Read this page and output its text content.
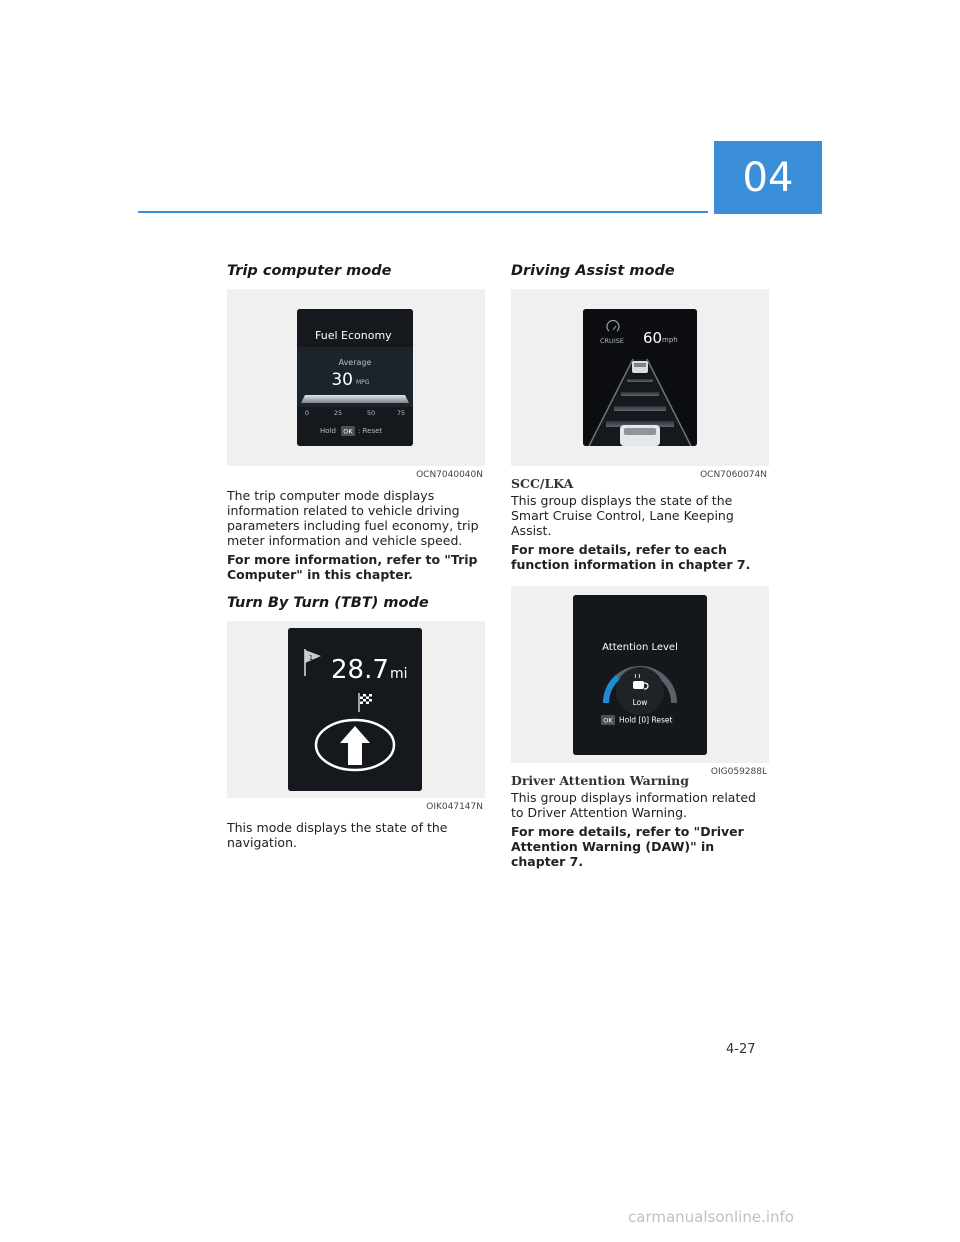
04
Trip computer mode
Fuel Economy
Average
30 MPG
0	25	50	75
Hold OK : Reset
OCN7040040N

The trip computer mode displays information related to vehicle driving parameters including fuel economy, trip meter information and vehicle speed.

For more information, refer to "Trip Computer" in this chapter.

Turn By Turn (TBT) mode
1 28.7 mi
OIK047147N

This mode displays the state of the navigation.

Driving Assist mode
CRUISE 60 mph
OCN7060074N
SCC/LKA

This group displays the state of the Smart Cruise Control, Lane Keeping Assist.

For more details, refer to each function information in chapter 7.

Attention Level
Low
OK Hold [0] Reset
OIG059288L
Driver Attention Warning

This group displays information related to Driver Attention Warning.

For more details, refer to "Driver Attention Warning (DAW)" in chapter 7.

4-27
carmanualsonline.info
